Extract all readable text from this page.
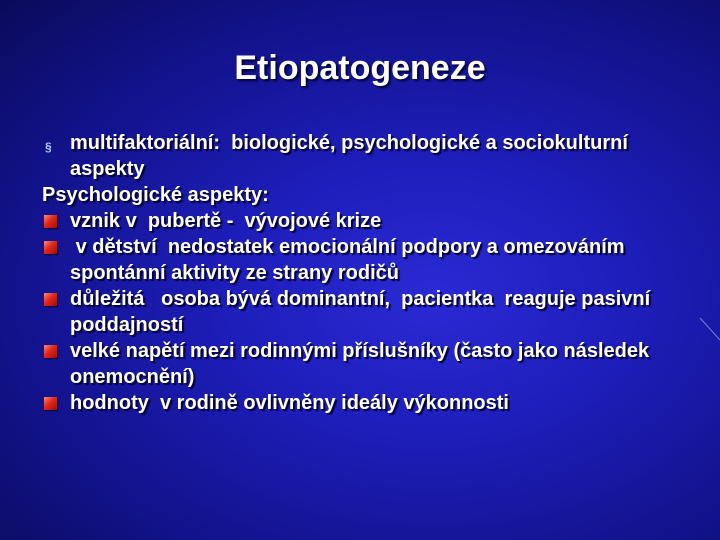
Etiopatogeneze
§ multifaktoriální:  biologické, psychologické a sociokulturní aspekty
Psychologické aspekty:
vznik v  pubertě -  vývojové krize
v dětství  nedostatek emocionální podpory a omezováním spontánní aktivity ze strany rodičů
důležitá   osoba bývá dominantní,  pacientka  reaguje pasivní poddajností
velké napětí mezi rodinnými příslušníky (často jako následek onemocnění)
hodnoty  v rodině ovlivněny ideály výkonnosti
